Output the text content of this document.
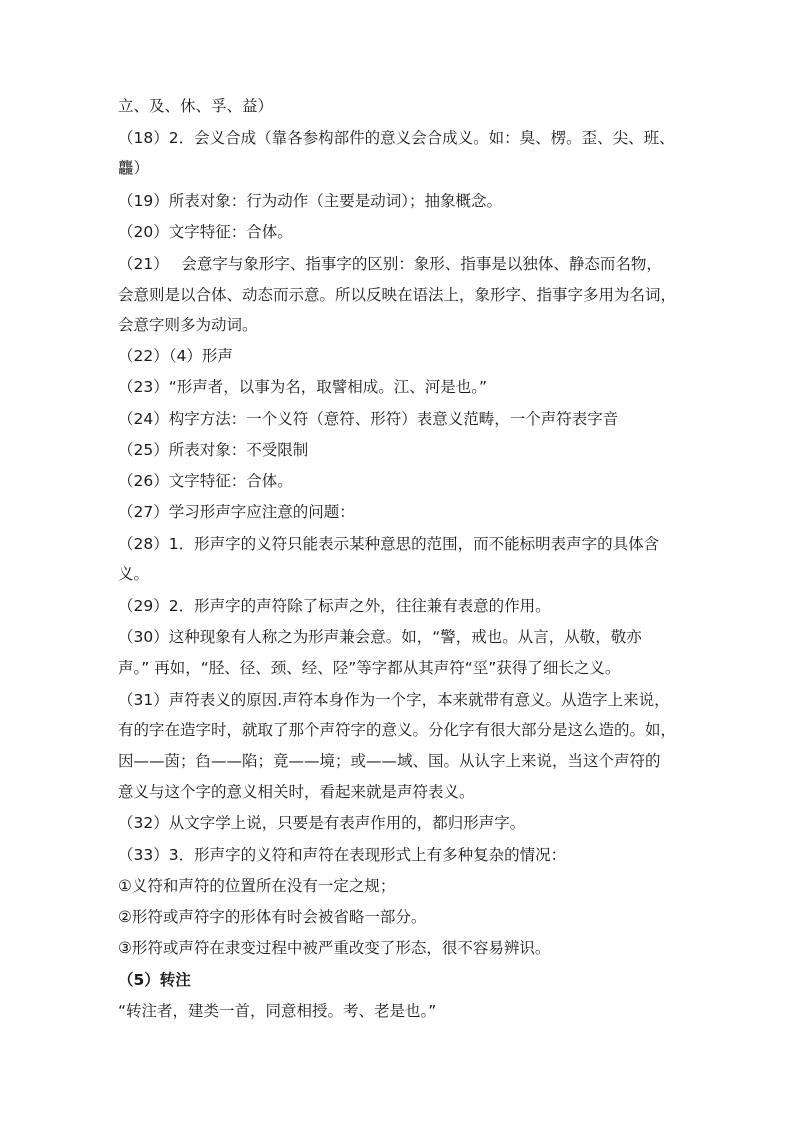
立、及、休、孚、益）
（18）2．会义合成（靠各参构部件的意义会合成义。如：臭、楞。歪、尖、班、
龘）
（19）所表对象：行为动作（主要是动词）；抽象概念。
（20）文字特征：合体。
（21）　 会意字与象形字、指事字的区别：象形、指事是以独体、静态而名物，
会意则是以合体、动态而示意。所以反映在语法上，象形字、指事字多用为名词，
会意字则多为动词。
（22）（4）形声
（23）“形声者，以事为名，取譬相成。江、河是也。”
（24）构字方法：一个义符（意符、形符）表意义范畴，一个声符表字音
（25）所表对象：不受限制
（26）文字特征：合体。
（27）学习形声字应注意的问题：
（28）1．形声字的义符只能表示某种意思的范围，而不能标明表声字的具体含
义。
（29）2．形声字的声符除了标声之外，往往兼有表意的作用。
（30）这种现象有人称之为形声兼会意。如，“警，戒也。从言，从敬，敬亦
声。” 再如，“胫、径、颈、经、陉”等字都从其声符“巠”获得了细长之义。
（31）声符表义的原因.声符本身作为一个字，本来就带有意义。从造字上来说，
有的字在造字时，就取了那个声符字的意义。分化字有很大部分是这么造的。如，
因——茵；臽——陷；竟——境；或——域、国。从认字上来说，当这个声符的
意义与这个字的意义相关时，看起来就是声符表义。
（32）从文字学上说，只要是有表声作用的，都归形声字。
（33）3．形声字的义符和声符在表现形式上有多种复杂的情况：
①义符和声符的位置所在没有一定之规；
②形符或声符字的形体有时会被省略一部分。
③形符或声符在隶变过程中被严重改变了形态，很不容易辨识。
（5）转注
“转注者，建类一首，同意相授。考、老是也。”
